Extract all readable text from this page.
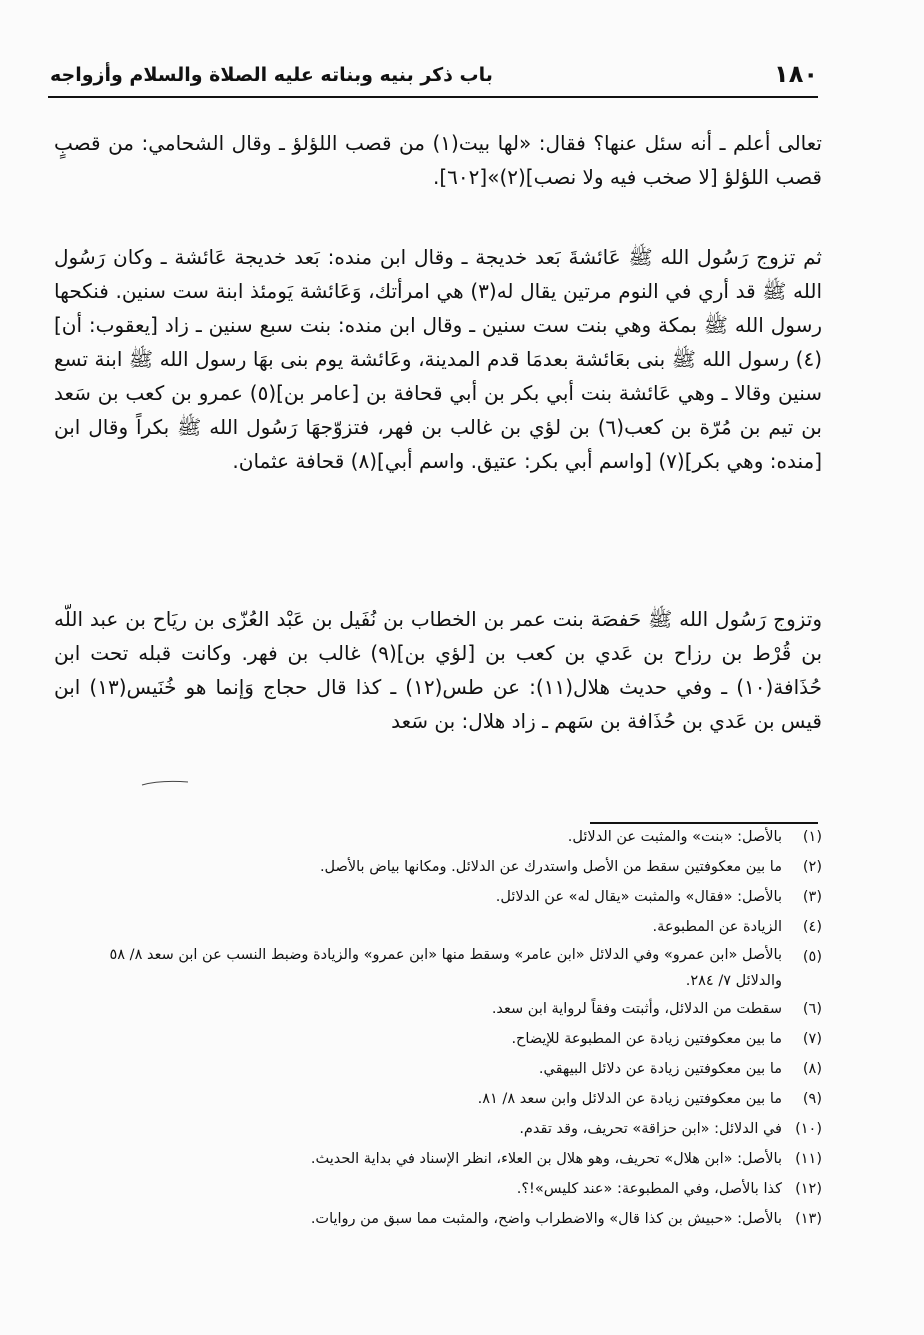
١٨٠
باب ذكر بنيه وبناته عليه الصلاة والسلام وأزواجه

تعالى أعلم ـ أنه سئل عنها؟ فقال: «لها بيت(١) من قصب اللؤلؤ ـ وقال الشحامي: من قصبٍ قصب اللؤلؤ [لا صخب فيه ولا نصب](٢)»[٦٠٢].

ثم تزوج رَسُول الله ﷺ عَائشةَ بَعد خديجة ـ وقال ابن منده: بَعد خديجة عَائشة ـ وكان رَسُول الله ﷺ قد أري في النوم مرتين يقال له(٣) هي امرأتك، وَعَائشة يَومئذ ابنة ست سنين. فنكحها رسول الله ﷺ بمكة وهي بنت ست سنين ـ وقال ابن منده: بنت سبع سنين ـ زاد [يعقوب: أن](٤) رسول الله ﷺ بنى بعَائشة بعدمَا قدم المدينة، وعَائشة يوم بنى بهَا رسول الله ﷺ ابنة تسع سنين وقالا ـ وهي عَائشة بنت أبي بكر بن أبي قحافة بن [عامر بن](٥) عمرو بن كعب بن سَعد بن تيم بن مُرّة بن كعب(٦) بن لؤي بن غالب بن فهر، فتزوّجهَا رَسُول الله ﷺ بكراً وقال ابن [منده: وهي بكر](٧) [واسم أبي بكر: عتيق. واسم أبي](٨) قحافة عثمان.

وتزوج رَسُول الله ﷺ حَفصَة بنت عمر بن الخطاب بن نُفَيل بن عَبْد العُزّى بن ريَاح بن عبد اللّه بن قُرْط بن رزاح بن عَدي بن كعب بن [لؤي بن](٩) غالب بن فهر. وكانت قبله تحت ابن حُذَافة(١٠) ـ وفي حديث هلال(١١): عن طس(١٢) ـ كذا قال حجاج وَإنما هو خُنَيس(١٣) ابن قيس بن عَدي بن حُذَافة بن سَهم ـ زاد هلال: بن سَعد

(١)
بالأصل: «بنت» والمثبت عن الدلائل.
(٢)
ما بين معكوفتين سقط من الأصل واستدرك عن الدلائل. ومكانها بياض بالأصل.
(٣)
بالأصل: «فقال» والمثبت «يقال له» عن الدلائل.
(٤)
الزيادة عن المطبوعة.
(٥)
بالأصل «ابن عمرو» وفي الدلائل «ابن عامر» وسقط منها «ابن عمرو» والزيادة وضبط النسب عن ابن سعد ٨/ ٥٨ والدلائل ٧/ ٢٨٤.
(٦)
سقطت من الدلائل، وأثبتت وفقاً لرواية ابن سعد.
(٧)
ما بين معكوفتين زيادة عن المطبوعة للإيضاح.
(٨)
ما بين معكوفتين زيادة عن دلائل البيهقي.
(٩)
ما بين معكوفتين زيادة عن الدلائل وابن سعد ٨/ ٨١.
(١٠)
في الدلائل: «ابن حزاقة» تحريف، وقد تقدم.
(١١)
بالأصل: «ابن هلال» تحريف، وهو هلال بن العلاء، انظر الإسناد في بداية الحديث.
(١٢)
كذا بالأصل، وفي المطبوعة: «عند كليس»!؟.
(١٣)
بالأصل: «حبيش بن كذا قال» والاضطراب واضح، والمثبت مما سبق من روايات.
